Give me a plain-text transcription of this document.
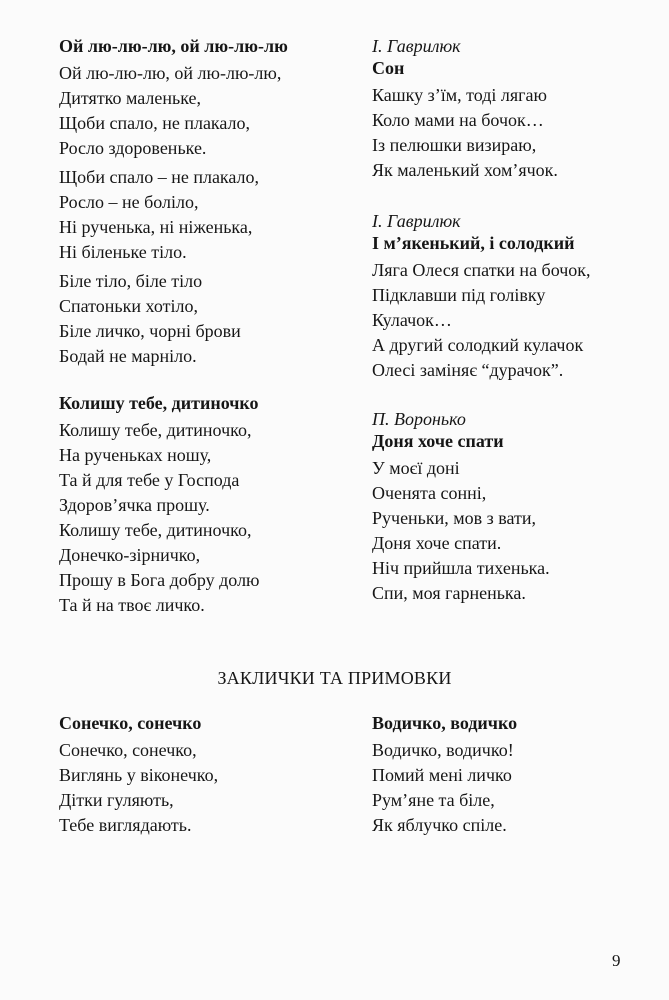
Ой лю-лю-лю, ой лю-лю-лю

Ой лю-лю-лю, ой лю-лю-лю,
Дитятко маленьке,
Щоби спало, не плакало,
Росло здоровеньке.
Щоби спало – не плакало,
Росло – не боліло,
Ні рученька, ні ніженька,
Ні біленьке тіло.
Біле тіло, біле тіло
Спатоньки хотіло,
Біле личко, чорні брови
Бодай не марніло.

Колишу тебе, дитиночко

Колишу тебе, дитиночко,
На рученьках ношу,
Та й для тебе у Господа
Здоров’ячка прошу.
Колишу тебе, дитиночко,
Донечко-зірничко,
Прошу в Бога добру долю
Та й на твоє личко.

І. Гаврилюк

Сон

Кашку з’їм, тоді лягаю
Коло мами на бочок…
Із пелюшки визираю,
Як маленький хом’ячок.

І. Гаврилюк

І м’якенький, і солодкий

Ляга Олеся спатки на бочок,
Підклавши під голівку
Кулачок…
А другий солодкий кулачок
Олесі заміняє “дурачок”.

П. Воронько

Доня хоче спати

У моєї доні
Оченята сонні,
Рученьки, мов з вати,
Доня хоче спати.
Ніч прийшла тихенька.
Спи, моя гарненька.
ЗАКЛИЧКИ ТА ПРИМОВКИ

Сонечко, сонечко

Сонечко, сонечко,
Виглянь у віконечко,
Дітки гуляють,
Тебе виглядають.

Водичко, водичко

Водичко, водичко!
Помий мені личко
Рум’яне та біле,
Як яблучко спіле.
9
